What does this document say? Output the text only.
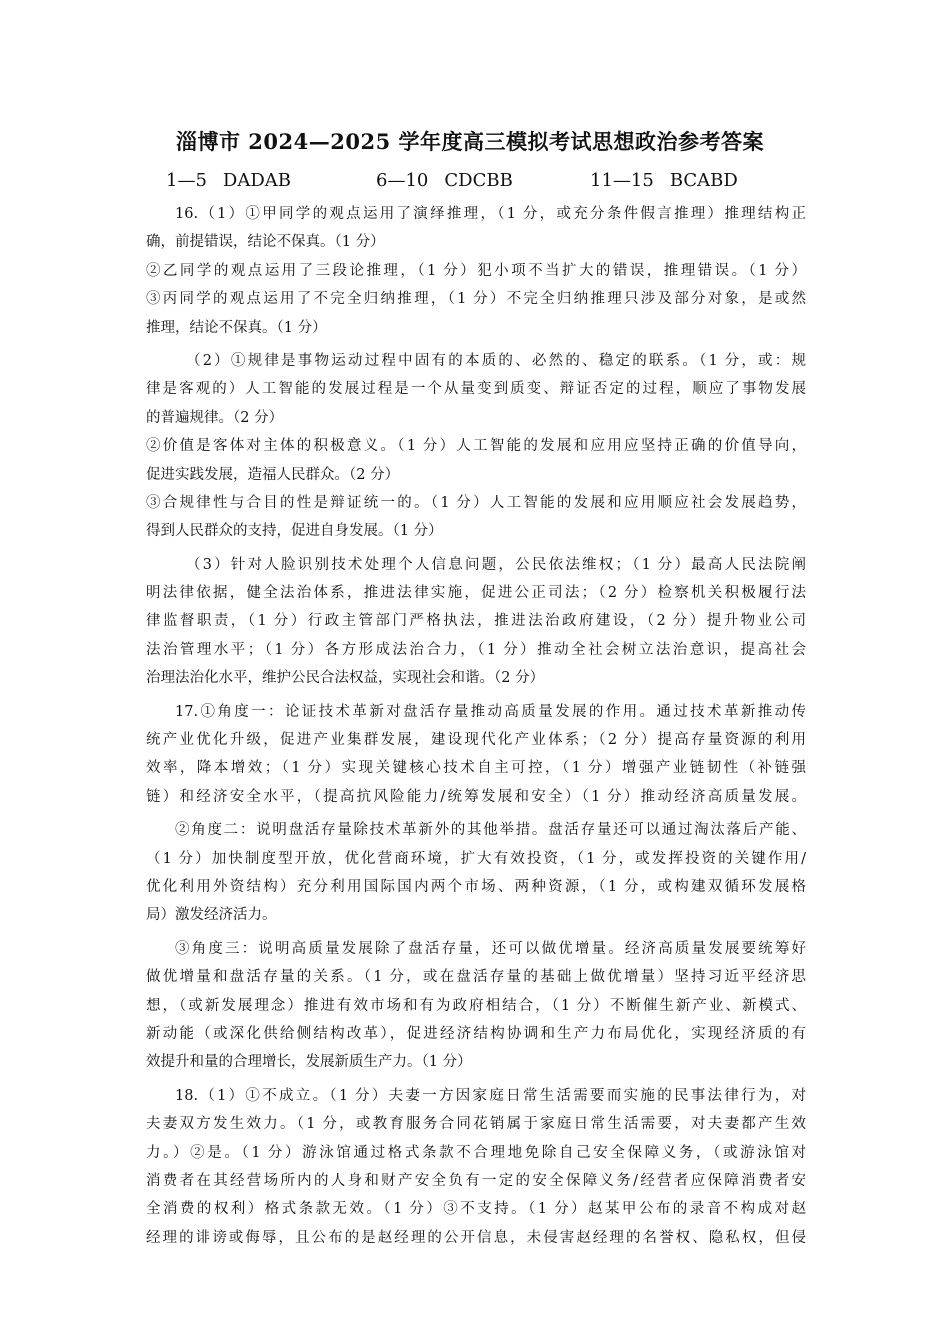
淄博市 2024—2025 学年度高三模拟考试思想政治参考答案
1—5 DADAB	6—10 CDCBB	11—15 BCABD
16.（1）①甲同学的观点运用了演绎推理，（1 分，或充分条件假言推理）推理结构正
确，前提错误，结论不保真。（1 分）
②乙同学的观点运用了三段论推理，（1 分）犯小项不当扩大的错误，推理错误。（1 分）
③丙同学的观点运用了不完全归纳推理，（1 分）不完全归纳推理只涉及部分对象，是或然
推理，结论不保真。（1 分）
（2）①规律是事物运动过程中固有的本质的、必然的、稳定的联系。（1 分，或：规
律是客观的）人工智能的发展过程是一个从量变到质变、辩证否定的过程，顺应了事物发展
的普遍规律。（2 分）
②价值是客体对主体的积极意义。（1 分）人工智能的发展和应用应坚持正确的价值导向，
促进实践发展，造福人民群众。（2 分）
③合规律性与合目的性是辩证统一的。（1 分）人工智能的发展和应用顺应社会发展趋势，
得到人民群众的支持，促进自身发展。（1 分）
（3）针对人脸识别技术处理个人信息问题，公民依法维权；（1 分）最高人民法院阐
明法律依据，健全法治体系，推进法律实施，促进公正司法；（2 分）检察机关积极履行法
律监督职责，（1 分）行政主管部门严格执法，推进法治政府建设，（2 分）提升物业公司
法治管理水平；（1 分）各方形成法治合力，（1 分）推动全社会树立法治意识，提高社会
治理法治化水平，维护公民合法权益，实现社会和谐。（2 分）
17.①角度一：论证技术革新对盘活存量推动高质量发展的作用。通过技术革新推动传
统产业优化升级，促进产业集群发展，建设现代化产业体系；（2 分）提高存量资源的利用
效率，降本增效；（1 分）实现关键核心技术自主可控，（1 分）增强产业链韧性（补链强
链）和经济安全水平，（提高抗风险能力/统筹发展和安全）（1 分）推动经济高质量发展。
②角度二：说明盘活存量除技术革新外的其他举措。盘活存量还可以通过淘汰落后产能、
（1 分）加快制度型开放，优化营商环境，扩大有效投资，（1 分，或发挥投资的关键作用/
优化利用外资结构）充分利用国际国内两个市场、两种资源，（1 分，或构建双循环发展格
局）激发经济活力。
③角度三：说明高质量发展除了盘活存量，还可以做优增量。经济高质量发展要统筹好
做优增量和盘活存量的关系。（1 分，或在盘活存量的基础上做优增量）坚持习近平经济思
想，（或新发展理念）推进有效市场和有为政府相结合，（1 分）不断催生新产业、新模式、
新动能（或深化供给侧结构改革），促进经济结构协调和生产力布局优化，实现经济质的有
效提升和量的合理增长，发展新质生产力。（1 分）
18.（1）①不成立。（1 分）夫妻一方因家庭日常生活需要而实施的民事法律行为，对
夫妻双方发生效力。（1 分，或教育服务合同花销属于家庭日常生活需要，对夫妻都产生效
力。）②是。（1 分）游泳馆通过格式条款不合理地免除自己安全保障义务，（或游泳馆对
消费者在其经营场所内的人身和财产安全负有一定的安全保障义务/经营者应保障消费者安
全消费的权利）格式条款无效。（1 分）③不支持。（1 分）赵某甲公布的录音不构成对赵
经理的诽谤或侮辱，且公布的是赵经理的公开信息，未侵害赵经理的名誉权、隐私权，但侵
